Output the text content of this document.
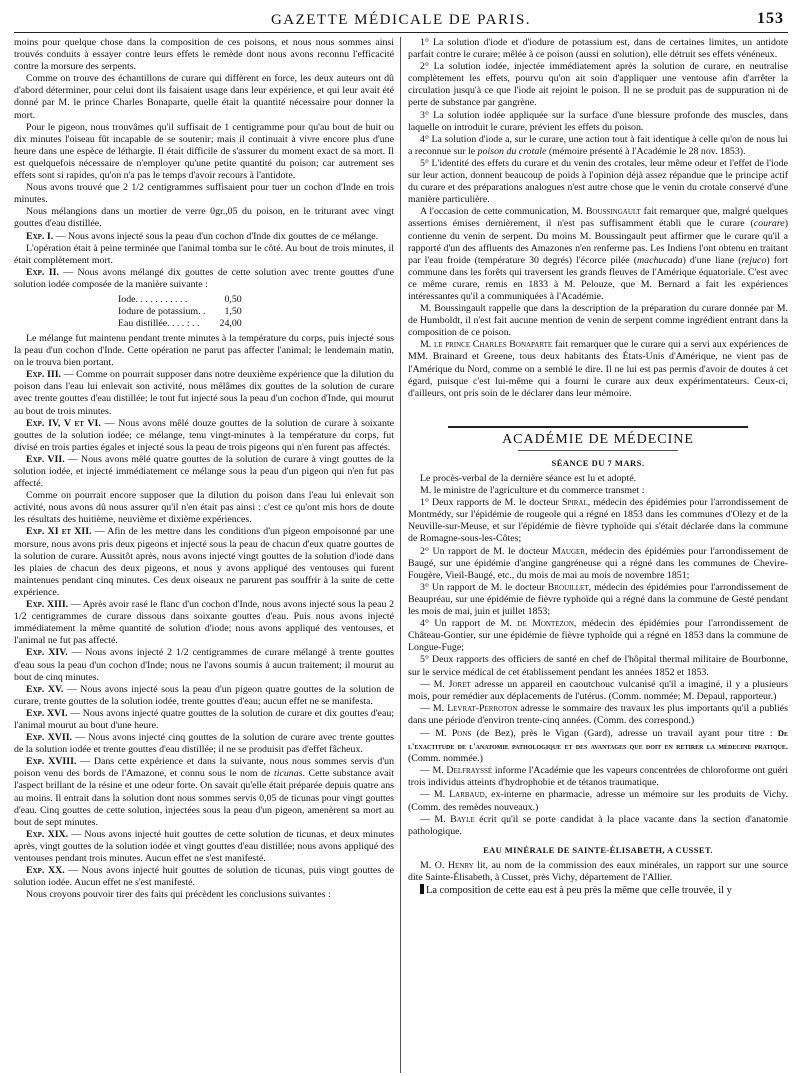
GAZETTE MÉDICALE DE PARIS.	153

moins pour quelque chose dans la composition de ces poisons, et nous nous sommes ainsi trouvés conduits à essayer contre leurs effets le remède dont nous avons reconnu l'efficacité contre la morsure des serpents.

Comme on trouve des échantillons de curare qui diffèrent en force, les deux auteurs ont dû d'abord déterminer, pour celui dont ils faisaient usage dans leur expérience, et qui leur avait été donné par M. le prince Charles Bonaparte, quelle était la quantité nécessaire pour donner la mort.

Pour le pigeon, nous trouvâmes qu'il suffisait de 1 centigramme pour qu'au bout de huit ou dix minutes l'oiseau fût incapable de se soutenir; mais il continuait à vivre encore plus d'une heure dans une espèce de léthargie. Il était difficile de s'assurer du moment exact de sa mort. Il est quelquefois nécessaire de n'employer qu'une petite quantité du poison; car autrement ses effets sont si rapides, qu'on n'a pas le temps d'avoir recours à l'antidote.

Nous avons trouvé que 2 1/2 centigrammes suffisaient pour tuer un cochon d'Inde en trois minutes.

Nous mélangions dans un mortier de verre 0gr.,05 du poison, en le triturant avec vingt gouttes d'eau distillée.

Exp. I. — Nous avons injecté sous la peau d'un cochon d'Inde dix gouttes de ce mélange.

L'opération était à peine terminée que l'animal tomba sur le côté. Au bout de trois minutes, il était complètement mort.

Exp. II. — Nous avons mélangé dix gouttes de cette solution avec trente gouttes d'une solution iodée composée de la manière suivante :

Iode. . . . . . . . . . .	0,50
Iodure de potassium. .	1,50
Eau distillée. . . . : . .	24,00

Le mélange fut maintenu pendant trente minutes à la température du corps, puis injecté sous la peau d'un cochon d'Inde. Cette opération ne parut pas affecter l'animal; le lendemain matin, on le trouva bien portant.

Exp. III. — Comme on pourrait supposer dans notre deuxième expérience que la dilution du poison dans l'eau lui enlevait son activité, nous mêlâmes dix gouttes de la solution de curare avec trente gouttes d'eau distillée; le tout fut injecté sous la peau d'un cochon d'Inde, qui mourut au bout de trois minutes.

Exp. IV, V et VI. — Nous avons mêlé douze gouttes de la solution de curare à soixante gouttes de la solution iodée; ce mélange, tenu vingt-minutes à la température du corps, fut divisé en trois parties égales et injecté sous la peau de trois pigeons qui n'en furent pas affectés.

Exp. VII. — Nous avons mêlé quatre gouttes de la solution de curare à vingt gouttes de la solution iodée, et injecté immédiatement ce mélange sous la peau d'un pigeon qui n'en fut pas affecté.

Comme on pourrait encore supposer que la dilution du poison dans l'eau lui enlevait son activité, nous avons dû nous assurer qu'il n'en était pas ainsi : c'est ce qu'ont mis hors de doute les résultats des huitième, neuvième et dixième expériences.

Exp. XI et XII. — Afin de les mettre dans les conditions d'un pigeon empoisonné par une morsure, nous avons pris deux pigeons et injecté sous la peau de chacun d'eux quatre gouttes de la solution de curare. Aussitôt après, nous avons injecté vingt gouttes de la solution d'iode dans les plaies de chacun des deux pigeons, et nous y avons appliqué des ventouses qui furent maintenues pendant cinq minutes. Ces deux oiseaux ne parurent pas souffrir à la suite de cette expérience.

Exp. XIII. — Après avoir rasé le flanc d'un cochon d'Inde, nous avons injecté sous la peau 2 1/2 centigrammes de curare dissous dans soixante gouttes d'eau. Puis nous avons injecté immédiatement la même quantité de solution d'iode; nous avons appliqué des ventouses, et l'animal ne fut pas affecté.

Exp. XIV. — Nous avons injecté 2 1/2 centigrammes de curare mélangé à trente gouttes d'eau sous la peau d'un cochon d'Inde; nous ne l'avons soumis à aucun traitement; il mourut au bout de cinq minutes.

Exp. XV. — Nous avons injecté sous la peau d'un pigeon quatre gouttes de la solution de curare, trente gouttes de la solution iodée, trente gouttes d'eau; aucun effet ne se manifesta.

Exp. XVI. — Nous avons injecté quatre gouttes de la solution de curare et dix gouttes d'eau; l'animal mourut au bout d'une heure.

Exp. XVII. — Nous avons injecté cinq gouttes de la solution de curare avec trente gouttes de la solution iodée et trente gouttes d'eau distillée; il ne se produisit pas d'effet fâcheux.

Exp. XVIII. — Dans cette expérience et dans la suivante, nous nous sommes servis d'un poison venu des bords de l'Amazone, et connu sous le nom de ticunas. Cette substance avait l'aspect brillant de la résine et une odeur forte. On savait qu'elle était préparée depuis quatre ans au moins. Il entrait dans la solution dont nous sommes servis 0,05 de ticunas pour vingt gouttes d'eau. Cinq gouttes de cette solution, injectées sous la peau d'un pigeon, amenèrent sa mort au bout de sept minutes.

Exp. XIX. — Nous avons injecté huit gouttes de cette solution de ticunas, et deux minutes après, vingt gouttes de la solution iodée et vingt gouttes d'eau distillée; nous avons appliqué des ventouses pendant trois minutes. Aucun effet ne s'est manifesté.

Exp. XX. — Nous avons injecté huit gouttes de solution de ticunas, puis vingt gouttes de solution iodée. Aucun effet ne s'est manifesté.

Nous croyons pouvoir tirer des faits qui précèdent les conclusions suivantes :

1° La solution d'iode et d'iodure de potassium est, dans de certaines limites, un antidote parfait contre le curare; mêlée à ce poison (aussi en solution), elle détruit ses effets vénéneux.

2° La solution iodée, injectée immédiatement après la solution de curare, en neutralise complètement les effets, pourvu qu'on ait soin d'appliquer une ventouse afin d'arrêter la circulation jusqu'à ce que l'iode ait rejoint le poison. Il ne se produit pas de suppuration ni de perte de substance par gangrène.

3° La solution iodée appliquée sur la surface d'une blessure profonde des muscles, dans laquelle on introduit le curare, prévient les effets du poison.

4° La solution d'iode a, sur le curare, une action tout à fait identique à celle qu'on de nous lui a reconnue sur le poison du crotale (mémoire présenté à l'Académie le 28 nov. 1853).

5° L'identité des effets du curare et du venin des crotales, leur même odeur et l'effet de l'iode sur leur action, donnent beaucoup de poids à l'opinion déjà assez répandue que le principe actif du curare et des préparations analogues n'est autre chose que le venin du crotale conservé d'une manière particulière.

A l'occasion de cette communication, M. Boussingault fait remarquer que, malgré quelques assertions émises dernièrement, il n'est pas suffisamment établi que le curare (courare) contienne du venin de serpent. Du moins M. Boussingault peut affirmer que le curare qu'il a rapporté d'un des affluents des Amazones n'en renferme pas. Les Indiens l'ont obtenu en traitant par l'eau froide (température 30 degrés) l'écorce pilée (machucada) d'une liane (rejuco) fort commune dans les forêts qui traversent les grands fleuves de l'Amérique équatoriale. C'est avec ce même curare, remis en 1833 à M. Pelouze, que M. Bernard a fait les expériences intéressantes qu'il a communiquées à l'Académie.

M. Boussingault rappelle que dans la description de la préparation du curare donnée par M. de Humboldt, il n'est fait aucune mention de venin de serpent comme ingrédient entrant dans la composition de ce poison.

M. le prince Charles Bonaparte fait remarquer que le curare qui a servi aux expériences de MM. Brainard et Greene, tous deux habitants des États-Unis d'Amérique, ne vient pas de l'Amérique du Nord, comme on a semblé le dire. Il ne lui est pas permis d'avoir de doutes à cet égard, puisque c'est lui-même qui a fourni le curare aux deux expérimentateurs. Ceux-ci, d'ailleurs, ont pris soin de le déclarer dans leur mémoire.

ACADÉMIE DE MÉDECINE
SÉANCE DU 7 MARS.

Le procès-verbal de la dernière séance est lu et adopté.

M. le ministre de l'agriculture et du commerce transmet :

1° Deux rapports de M. le docteur Spiral, médecin des épidémies pour l'arrondissement de Montmédy, sur l'épidémie de rougeole qui a régné en 1853 dans les communes d'Olezy et de la Neuville-sur-Meuse, et sur l'épidémie de fièvre typhoïde qui s'était déclarée dans la commune de Romagne-sous-les-Côtes;

2° Un rapport de M. le docteur Mauger, médecin des épidémies pour l'arrondissement de Baugé, sur une épidémie d'angine gangréneuse qui a régné dans les communes de Chevire-Fougère, Vieil-Baugé, etc., du mois de mai au mois de novembre 1851;

3° Un rapport de M. le docteur Brouillet, médecin des épidémies pour l'arrondissement de Beaupréau, sur une épidémie de fièvre typhoïde qui a régné dans la commune de Gesté pendant les mois de mai, juin et juillet 1853;

4° Un rapport de M. de Montezon, médecin des épidémies pour l'arrondissement de Château-Gontier, sur une épidémie de fièvre typhoïde qui a régné en 1853 dans la commune de Longue-Fuge;

5° Deux rapports des officiers de santé en chef de l'hôpital thermal militaire de Bourbonne, sur le service médical de cet établissement pendant les années 1852 et 1853.

— M. Joret adresse un appareil en caoutchouc vulcanisé qu'il a imaginé, il y a plusieurs mois, pour remédier aux déplacements de l'utérus. (Comm. nommée; M. Depaul, rapporteur.)

— M. Levrat-Perroton adresse le sommaire des travaux les plus importants qu'il a publiés dans une période d'environ trente-cinq années. (Comm. des correspond.)

— M. Pons (de Bez), près le Vigan (Gard), adresse un travail ayant pour titre : De l'exactitude de l'anatomie pathologique et des avantages que doit en retirer la médecine pratique. (Comm. nommée.)

— M. Delfrayssé informe l'Académie que les vapeurs concentrées de chloroforme ont guéri trois individus atteints d'hydrophobie et de tétanos traumatique.

— M. Larbaud, ex-interne en pharmacie, adresse un mémoire sur les produits de Vichy. (Comm. des remèdes nouveaux.)

— M. Bayle écrit qu'il se porte candidat à la place vacante dans la section d'anatomie pathologique.

EAU MINÉRALE DE SAINTE-ÉLISABETH, A CUSSET.

M. O. Henry lit, au nom de la commission des eaux minérales, un rapport sur une source dite Sainte-Élisabeth, à Cusset, près Vichy, département de l'Allier.

La composition de cette eau est à peu près la même que celle trouvée, il y
